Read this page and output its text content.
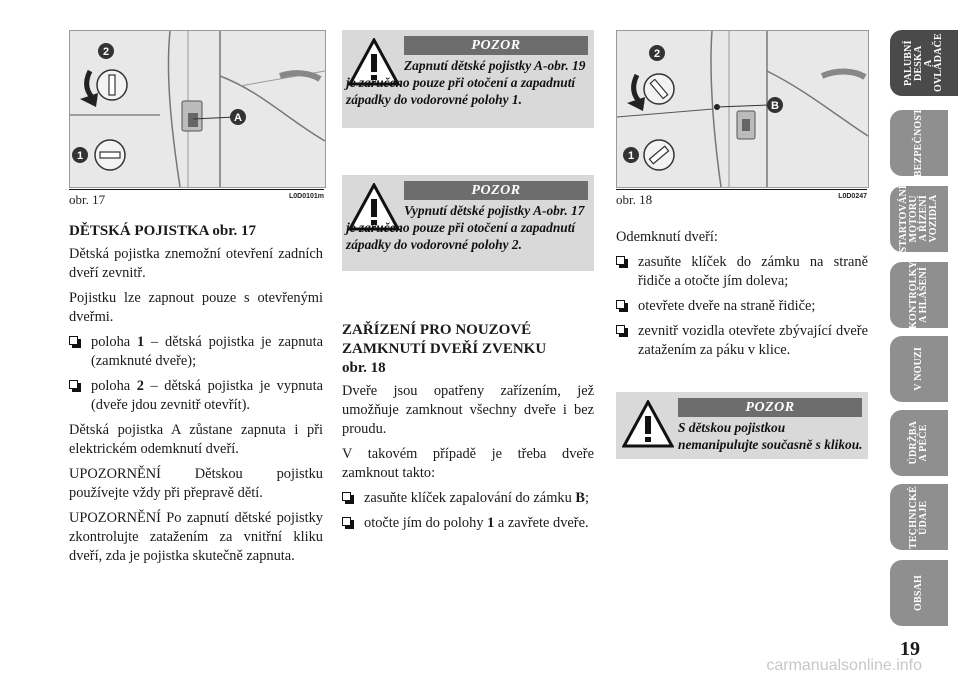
A
2
1
obr. 17	L0D0101m
DĚTSKÁ POJISTKA obr. 17

Dětská pojistka znemožní otevření zadních dveří zevnitř.

Pojistku lze zapnout pouze s otevřenými dveřmi.

poloha 1 – dětská pojistka je zapnuta (zamknuté dveře);
poloha 2 – dětská pojistka je vypnuta (dveře jdou zevnitř otevřít).

Dětská pojistka A zůstane zapnuta i při elektrickém odemknutí dveří.

UPOZORNĚNÍ Dětskou pojistku používejte vždy při přepravě dětí.

UPOZORNĚNÍ Po zapnutí dětské pojistky zkontrolujte zatažením za vnitřní kliku dveří, zda je pojistka skutečně zapnuta.

POZOR
Zapnutí dětské pojistky A-obr. 19 je zaručeno pouze při otočení a zapadnutí západky do vodorovné polohy 1.
POZOR
Vypnutí dětské pojistky A-obr. 17 je zaručeno pouze při otočení a zapadnutí západky do vodorovné polohy 2.
ZAŘÍZENÍ PRO NOUZOVÉ
ZAMKNUTÍ DVEŘÍ ZVENKU
obr. 18

Dveře jsou opatřeny zařízením, jež umožňuje zamknout všechny dveře i bez proudu.

V takovém případě je třeba dveře zamknout takto:

zasuňte klíček zapalování do zámku B;
otočte jím do polohy 1 a zavřete dveře.
B
2
1
obr. 18	L0D0247

Odemknutí dveří:

zasuňte klíček do zámku na straně řidiče a otočte jím doleva;
otevřete dveře na straně řidiče;
zevnitř vozidla otevřete zbývající dveře zatažením za páku v klice.
POZOR
S dětskou pojistkou nemanipulujte současně s klikou.
PALUBNÍ
DESKA
A OVLÁDAČE
BEZPEČNOST
STARTOVÁNÍ
MOTORU
A ŘÍZENÍ
VOZIDLA
KONTROLKY
A HLÁŠENÍ
V NOUZI
ÚDRŽBA
A PÉČE
TECHNICKÉ
ÚDAJE
OBSAH
19
carmanualsonline.info
